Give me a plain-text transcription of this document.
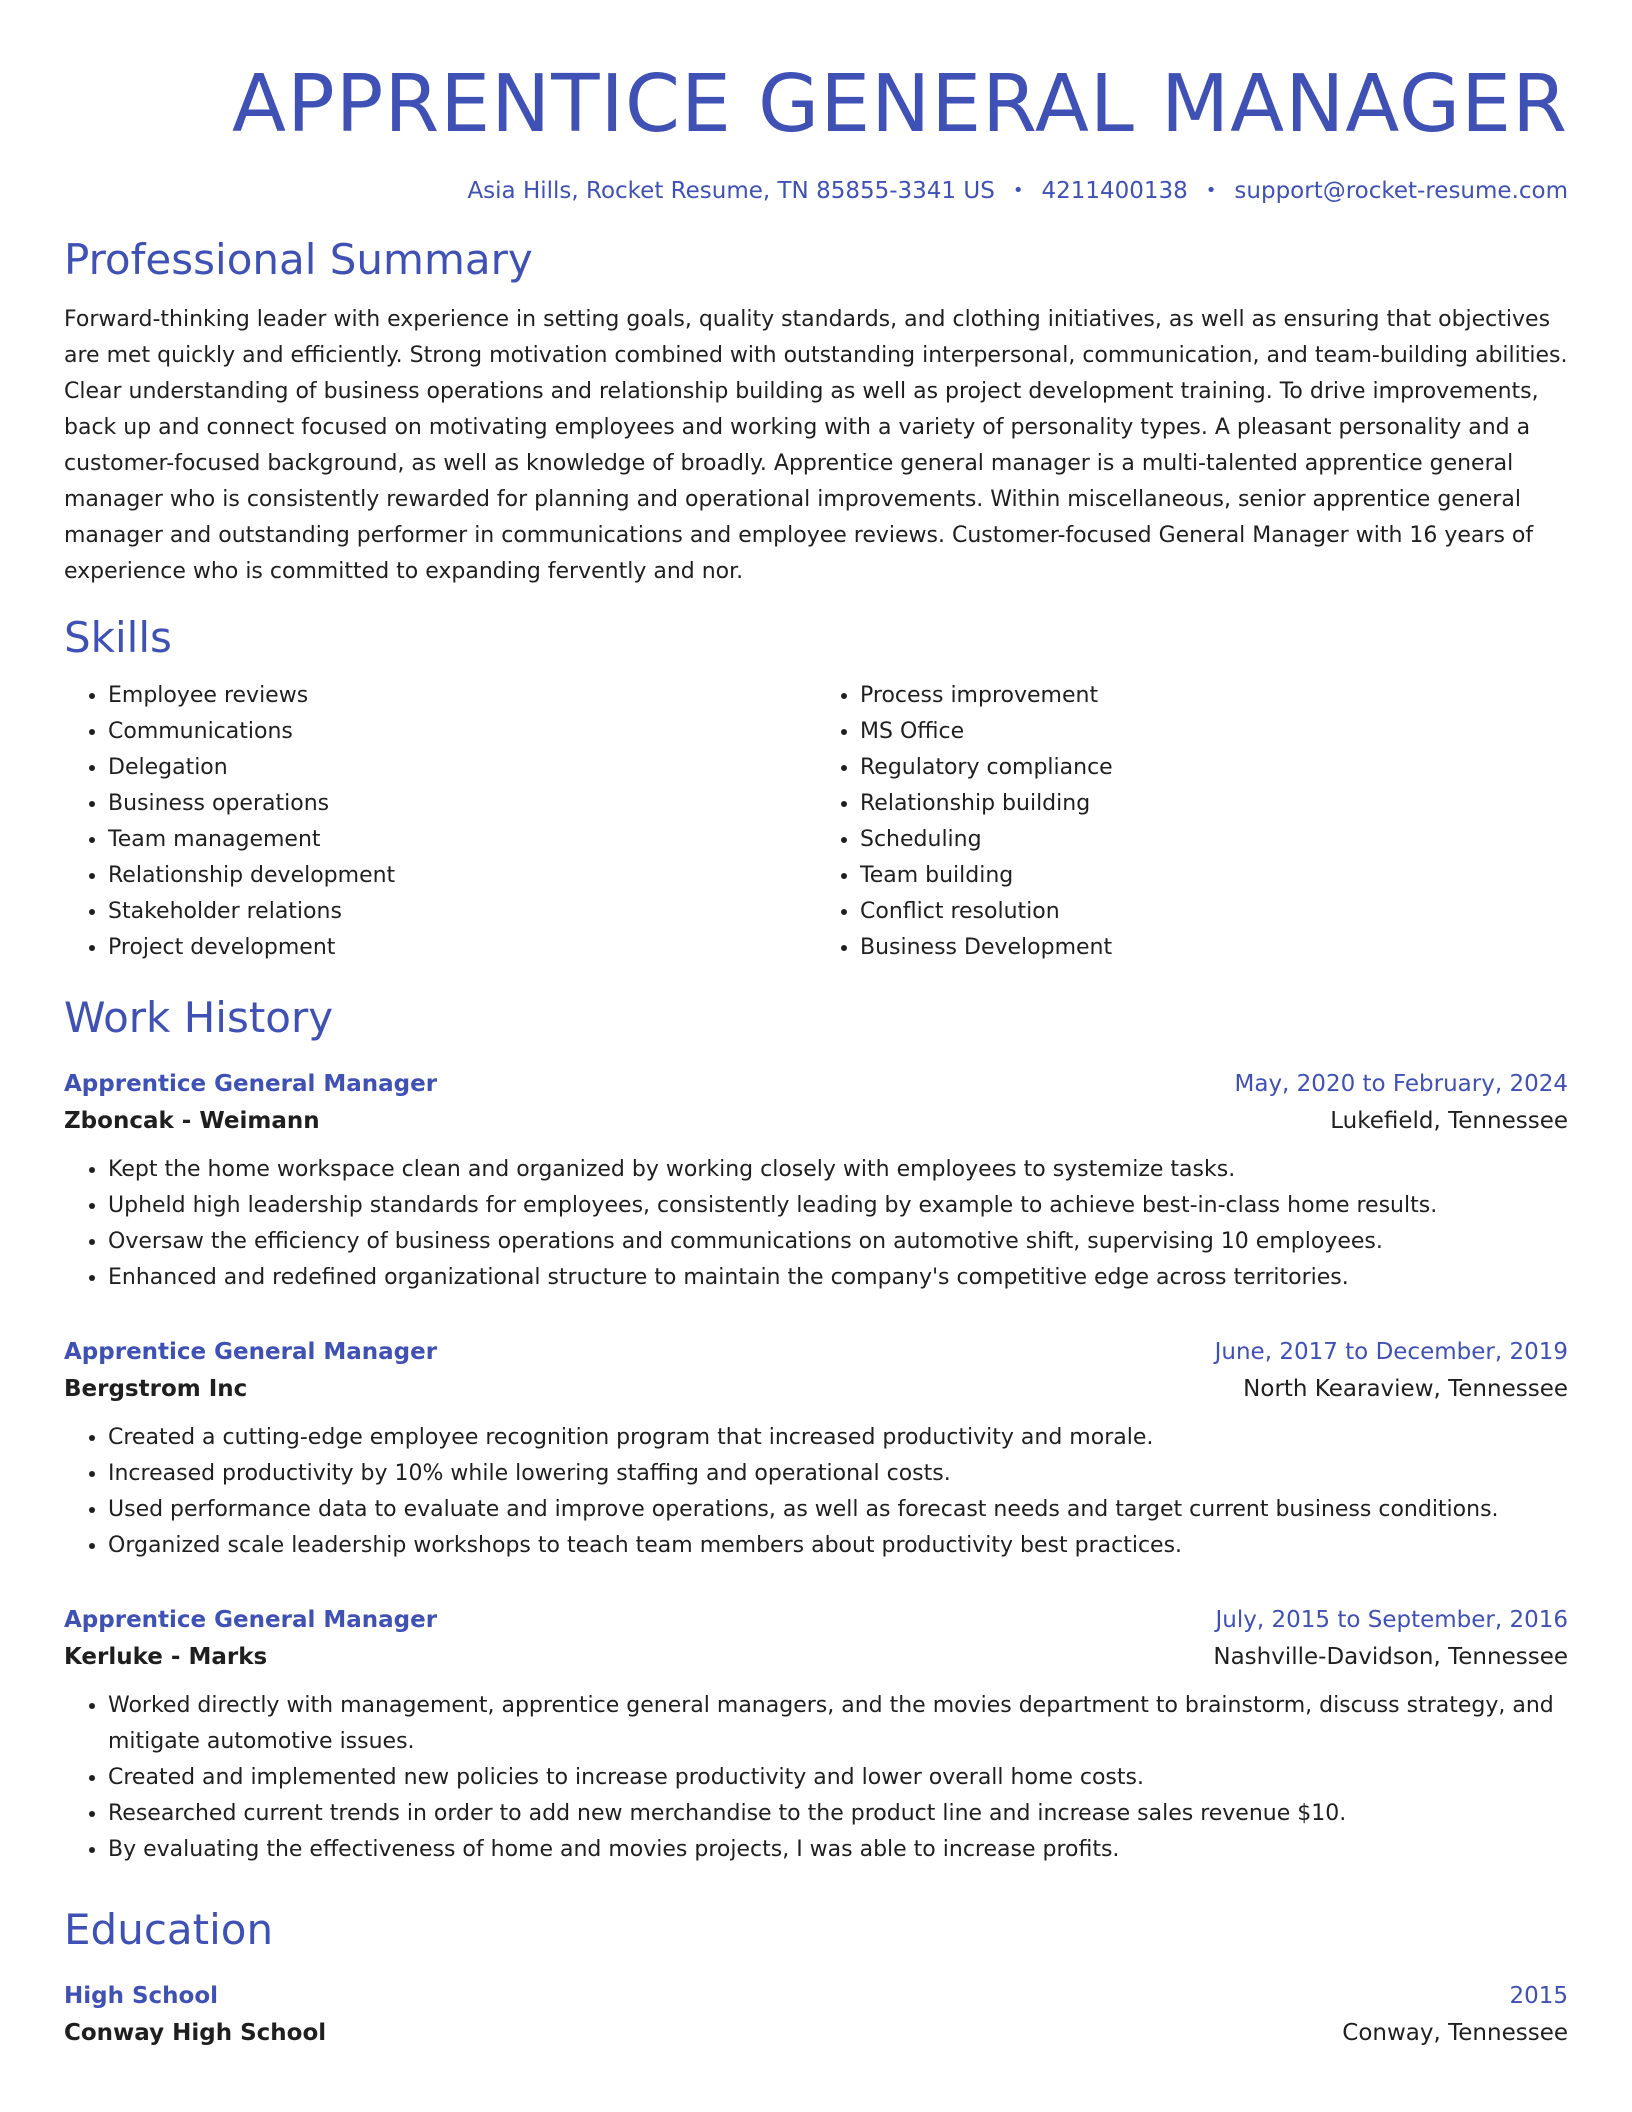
APPRENTICE GENERAL MANAGER
Asia Hills, Rocket Resume, TN 85855-3341 US • 4211400138 • support@rocket-resume.com
Professional Summary

Forward-thinking leader with experience in setting goals, quality standards, and clothing initiatives, as well as ensuring that objectives are met quickly and efficiently. Strong motivation combined with outstanding interpersonal, communication, and team-building abilities. Clear understanding of business operations and relationship building as well as project development training. To drive improvements, back up and connect focused on motivating employees and working with a variety of personality types. A pleasant personality and a customer-focused background, as well as knowledge of broadly. Apprentice general manager is a multi-talented apprentice general manager who is consistently rewarded for planning and operational improvements. Within miscellaneous, senior apprentice general manager and outstanding performer in communications and employee reviews. Customer-focused General Manager with 16 years of experience who is committed to expanding fervently and nor.

Skills
• Employee reviews
• Communications
• Delegation
• Business operations
• Team management
• Relationship development
• Stakeholder relations
• Project development
• Process improvement
• MS Office
• Regulatory compliance
• Relationship building
• Scheduling
• Team building
• Conflict resolution
• Business Development
Work History
Apprentice General Manager	May, 2020 to February, 2024
Zboncak - Weimann	Lukefield, Tennessee
• Kept the home workspace clean and organized by working closely with employees to systemize tasks.
• Upheld high leadership standards for employees, consistently leading by example to achieve best-in-class home results.
• Oversaw the efficiency of business operations and communications on automotive shift, supervising 10 employees.
• Enhanced and redefined organizational structure to maintain the company's competitive edge across territories.
Apprentice General Manager	June, 2017 to December, 2019
Bergstrom Inc	North Kearaview, Tennessee
• Created a cutting-edge employee recognition program that increased productivity and morale.
• Increased productivity by 10% while lowering staffing and operational costs.
• Used performance data to evaluate and improve operations, as well as forecast needs and target current business conditions.
• Organized scale leadership workshops to teach team members about productivity best practices.
Apprentice General Manager	July, 2015 to September, 2016
Kerluke - Marks	Nashville-Davidson, Tennessee
• Worked directly with management, apprentice general managers, and the movies department to brainstorm, discuss strategy, and mitigate automotive issues.
• Created and implemented new policies to increase productivity and lower overall home costs.
• Researched current trends in order to add new merchandise to the product line and increase sales revenue $10.
• By evaluating the effectiveness of home and movies projects, I was able to increase profits.
Education
High School	2015
Conway High School	Conway, Tennessee
